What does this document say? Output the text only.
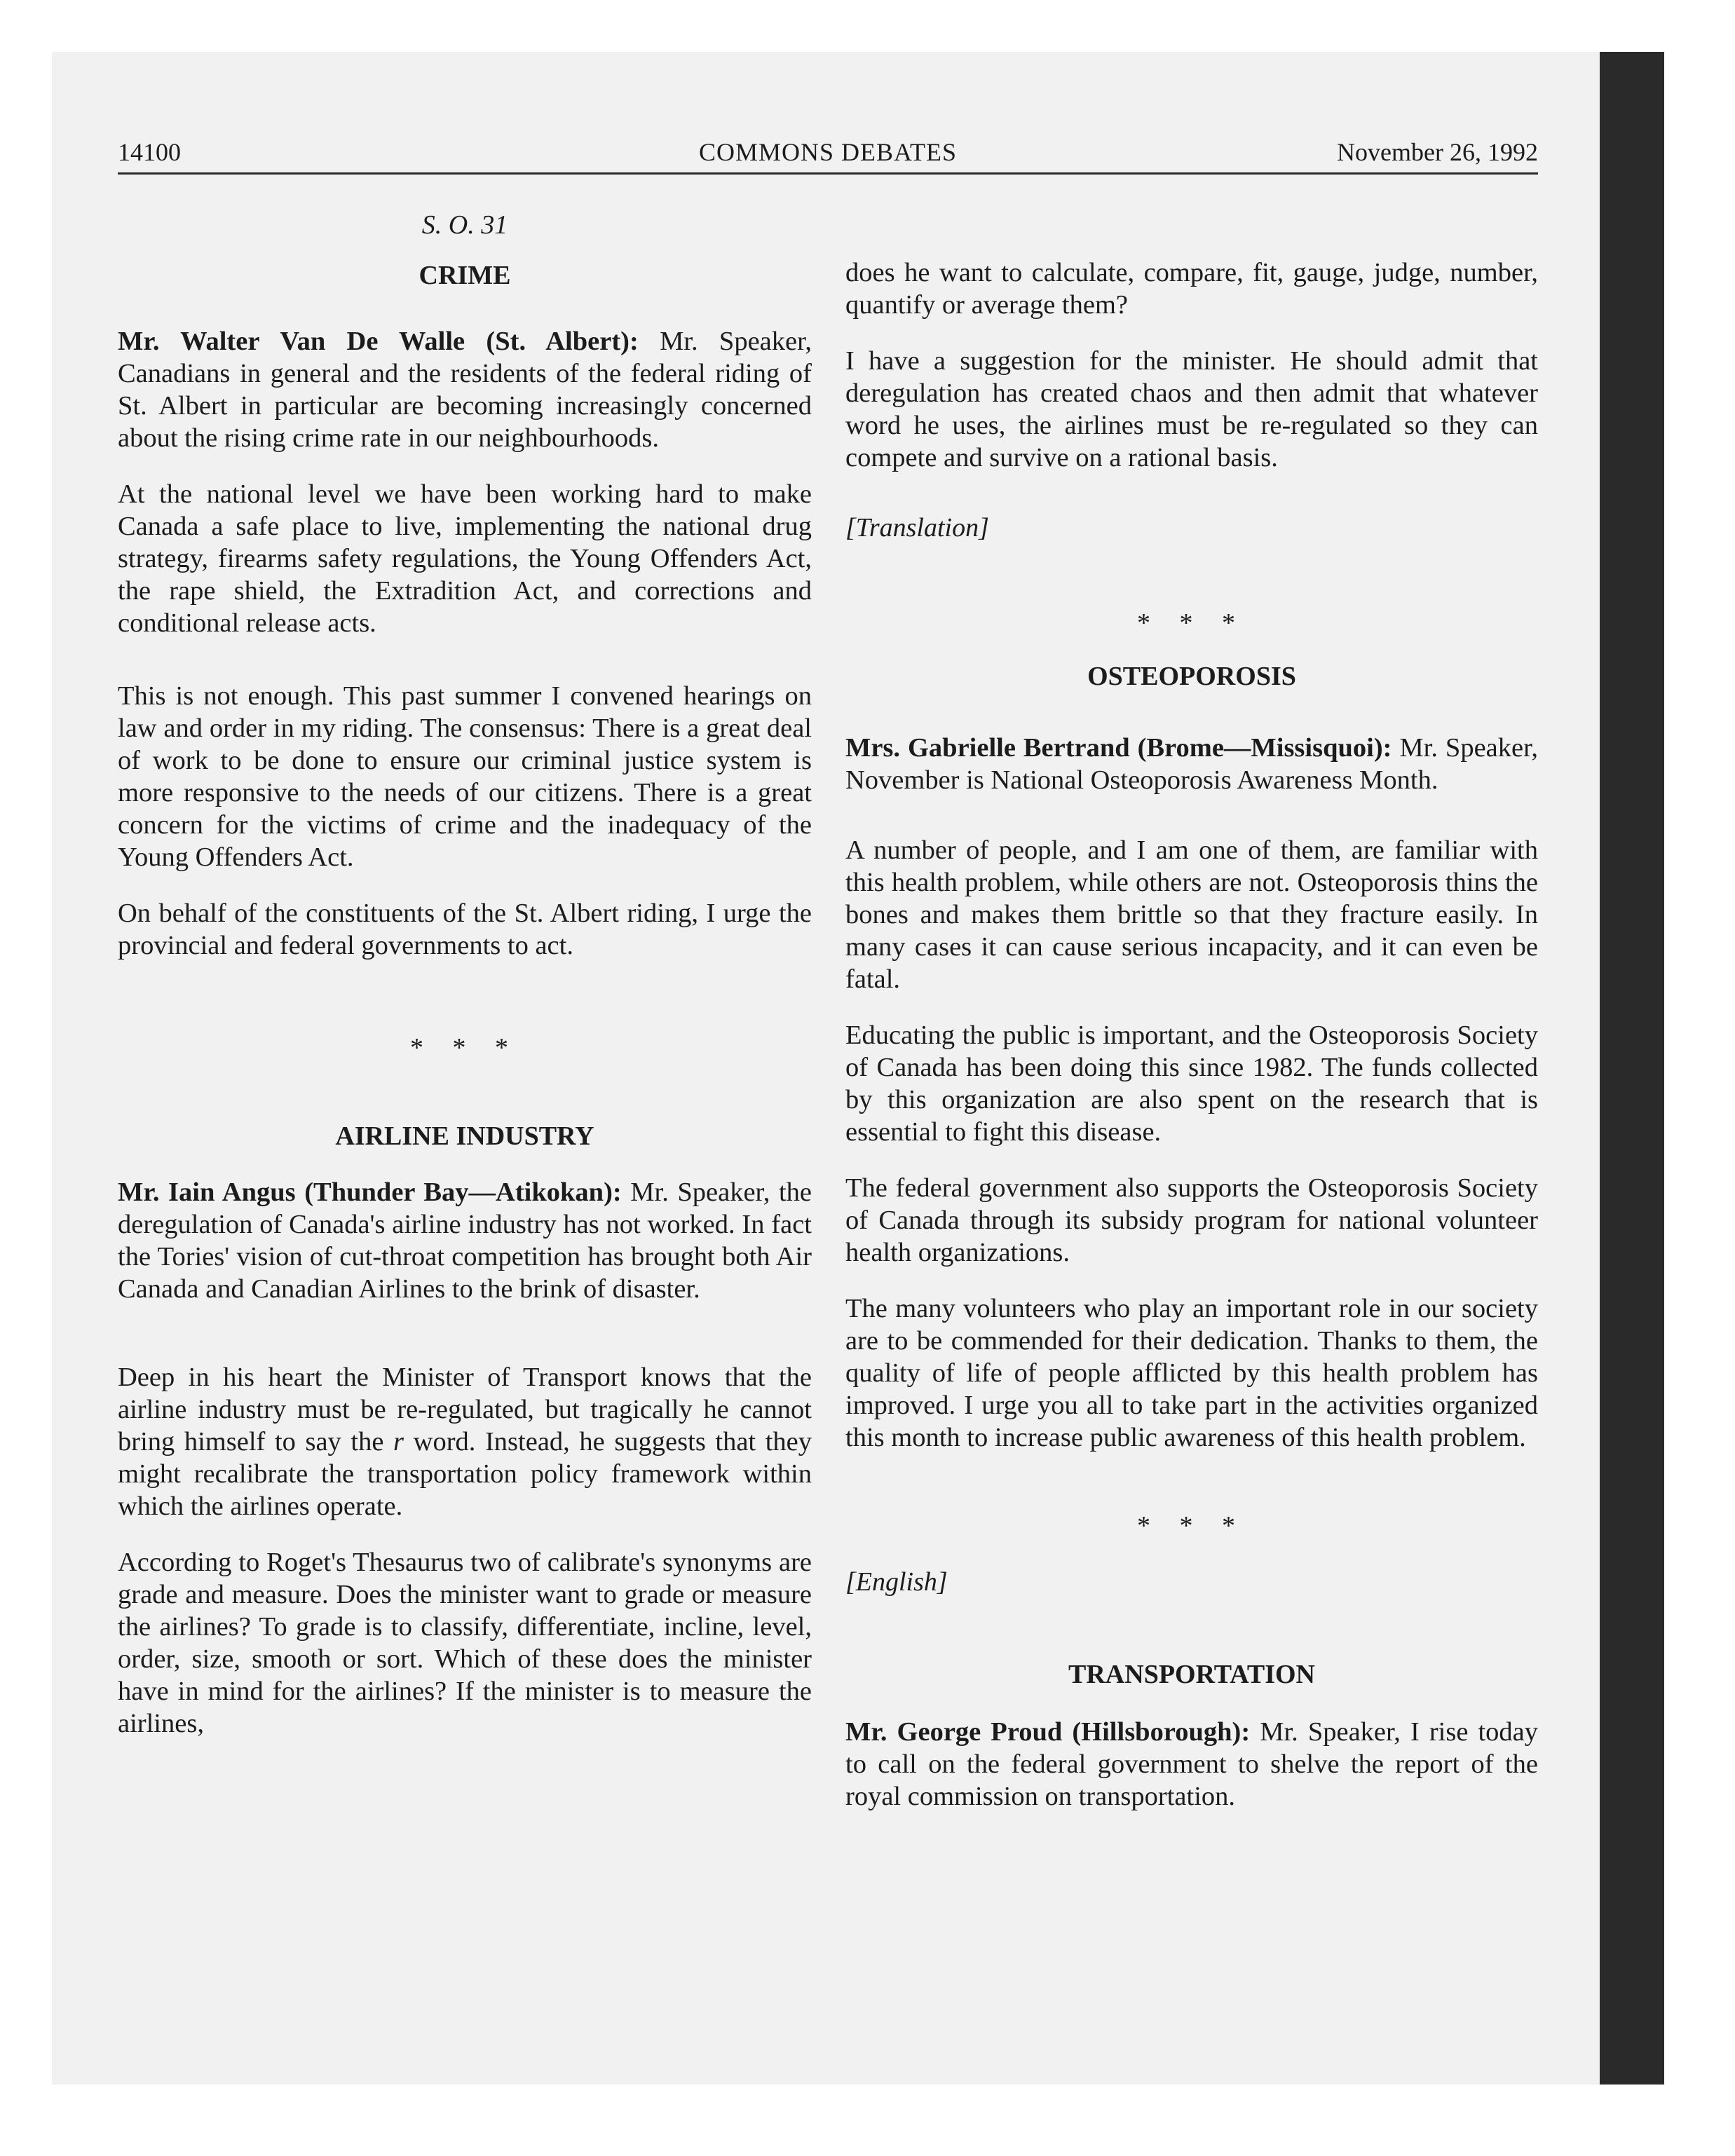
14100	COMMONS DEBATES	November 26, 1992
S. O. 31
CRIME

Mr. Walter Van De Walle (St. Albert): Mr. Speaker, Canadians in general and the residents of the federal riding of St. Albert in particular are becoming increasingly concerned about the rising crime rate in our neighbourhoods.

At the national level we have been working hard to make Canada a safe place to live, implementing the national drug strategy, firearms safety regulations, the Young Offenders Act, the rape shield, the Extradition Act, and corrections and conditional release acts.

This is not enough. This past summer I convened hearings on law and order in my riding. The consensus: There is a great deal of work to be done to ensure our criminal justice system is more responsive to the needs of our citizens. There is a great concern for the victims of crime and the inadequacy of the Young Offenders Act.

On behalf of the constituents of the St. Albert riding, I urge the provincial and federal governments to act.

* * *
AIRLINE INDUSTRY

Mr. Iain Angus (Thunder Bay—Atikokan): Mr. Speaker, the deregulation of Canada's airline industry has not worked. In fact the Tories' vision of cut-throat competition has brought both Air Canada and Canadian Airlines to the brink of disaster.

Deep in his heart the Minister of Transport knows that the airline industry must be re-regulated, but tragically he cannot bring himself to say the r word. Instead, he suggests that they might recalibrate the transportation policy framework within which the airlines operate.

According to Roget's Thesaurus two of calibrate's synonyms are grade and measure. Does the minister want to grade or measure the airlines? To grade is to classify, differentiate, incline, level, order, size, smooth or sort. Which of these does the minister have in mind for the airlines? If the minister is to measure the airlines,

does he want to calculate, compare, fit, gauge, judge, number, quantify or average them?

I have a suggestion for the minister. He should admit that deregulation has created chaos and then admit that whatever word he uses, the airlines must be re-regulated so they can compete and survive on a rational basis.

[Translation]
* * *
OSTEOPOROSIS

Mrs. Gabrielle Bertrand (Brome—Missisquoi): Mr. Speaker, November is National Osteoporosis Awareness Month.

A number of people, and I am one of them, are familiar with this health problem, while others are not. Osteoporosis thins the bones and makes them brittle so that they fracture easily. In many cases it can cause serious incapacity, and it can even be fatal.

Educating the public is important, and the Osteoporosis Society of Canada has been doing this since 1982. The funds collected by this organization are also spent on the research that is essential to fight this disease.

The federal government also supports the Osteoporosis Society of Canada through its subsidy program for national volunteer health organizations.

The many volunteers who play an important role in our society are to be commended for their dedication. Thanks to them, the quality of life of people afflicted by this health problem has improved. I urge you all to take part in the activities organized this month to increase public awareness of this health problem.

* * *
[English]
TRANSPORTATION

Mr. George Proud (Hillsborough): Mr. Speaker, I rise today to call on the federal government to shelve the report of the royal commission on transportation.
